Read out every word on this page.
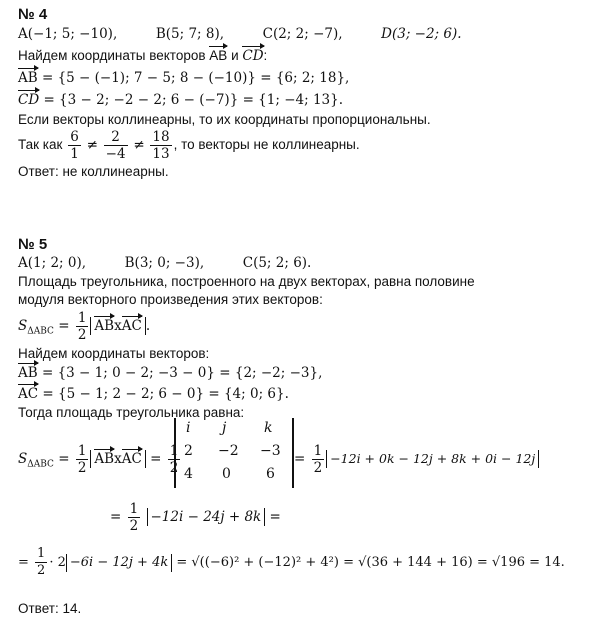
№ 4
A(−1; 5; −10),	B(5; 7; 8),	C(2; 2; −7),	D(3; −2; 6).
Найдем координаты векторов AB и CD:
AB = {5 − (−1); 7 − 5; 8 − (−10)} = {6; 2; 18},
CD = {3 − 2; −2 − 2; 6 − (−7)} = {1; −4; 13}.
Если векторы коллинеарны, то их координаты пропорциональны.
Так как $\frac{6}{1} \ne \frac{2}{-4} \ne \frac{18}{13}$ , то векторы не коллинеарны.
Ответ: не коллинеарны.
№ 5
A(1; 2; 0),	B(3; 0; −3),	C(5; 2; 6).
Площадь треугольника, построенного на двух векторах, равна половине
модуля векторного произведения этих векторов:
$S_{\Delta ABC} = \frac{1}{2}$ ABxAC .
Найдем координаты векторов:
AB = {3 − 1; 0 − 2; −3 − 0} = {2; −2; −3},
AC = {5 − 1; 2 − 2; 6 − 0} = {4; 0; 6}.
Тогда площадь треугольника равна:
$S_{\Delta ABC} = \frac{1}{2}$ ABxAC = $\frac{1}{2}$
i j	k
2 −2 −3
4 0	6
= $\frac{1}{2} -12i + 0k - 12j + 8k + 0i - 12j$
= $\frac{1}{2} -12i - 24j + 8k$ =
= $\frac{1}{2} \cdot 2 -6i - 12j + 4k = √((-6)^2 + (-12)^2 + 4^2) = √(36 + 144 + 16) = √196 = 14$.
Ответ: 14.
